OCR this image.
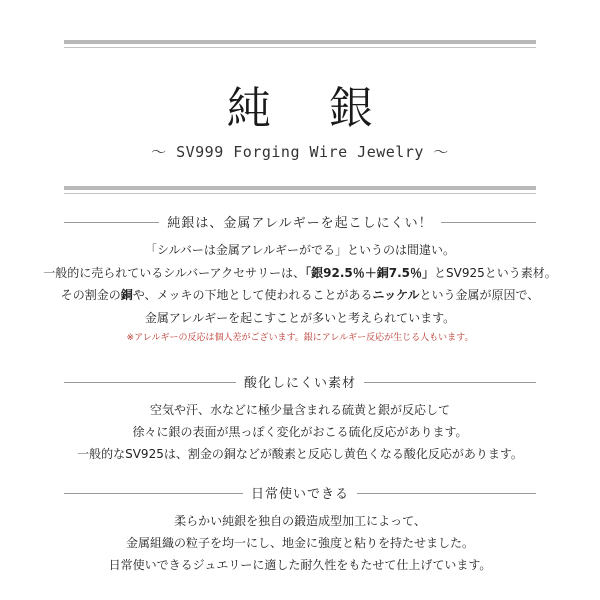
純 銀
〜 SV999 Forging Wire Jewelry 〜
純銀は、金属アレルギーを起こしにくい！
「シルバーは金属アレルギーがでる」というのは間違い。
一般的に売られているシルバーアクセサリーは、「銀92.5％＋銅7.5％」とSV925という素材。
その割金の銅や、メッキの下地として使われることがあるニッケルという金属が原因で、
金属アレルギーを起こすことが多いと考えられています。
※アレルギーの反応は個人差がございます。銀にアレルギー反応が生じる人もいます。
酸化しにくい素材
空気や汗、水などに極少量含まれる硫黄と銀が反応して
徐々に銀の表面が黒っぽく変化がおこる硫化反応があります。
一般的なSV925は、割金の銅などが酸素と反応し黄色くなる酸化反応があります。
日常使いできる
柔らかい純銀を独自の鍛造成型加工によって、
金属組織の粒子を均一にし、地金に強度と粘りを持たせました。
日常使いできるジュエリーに適した耐久性をもたせて仕上げています。
